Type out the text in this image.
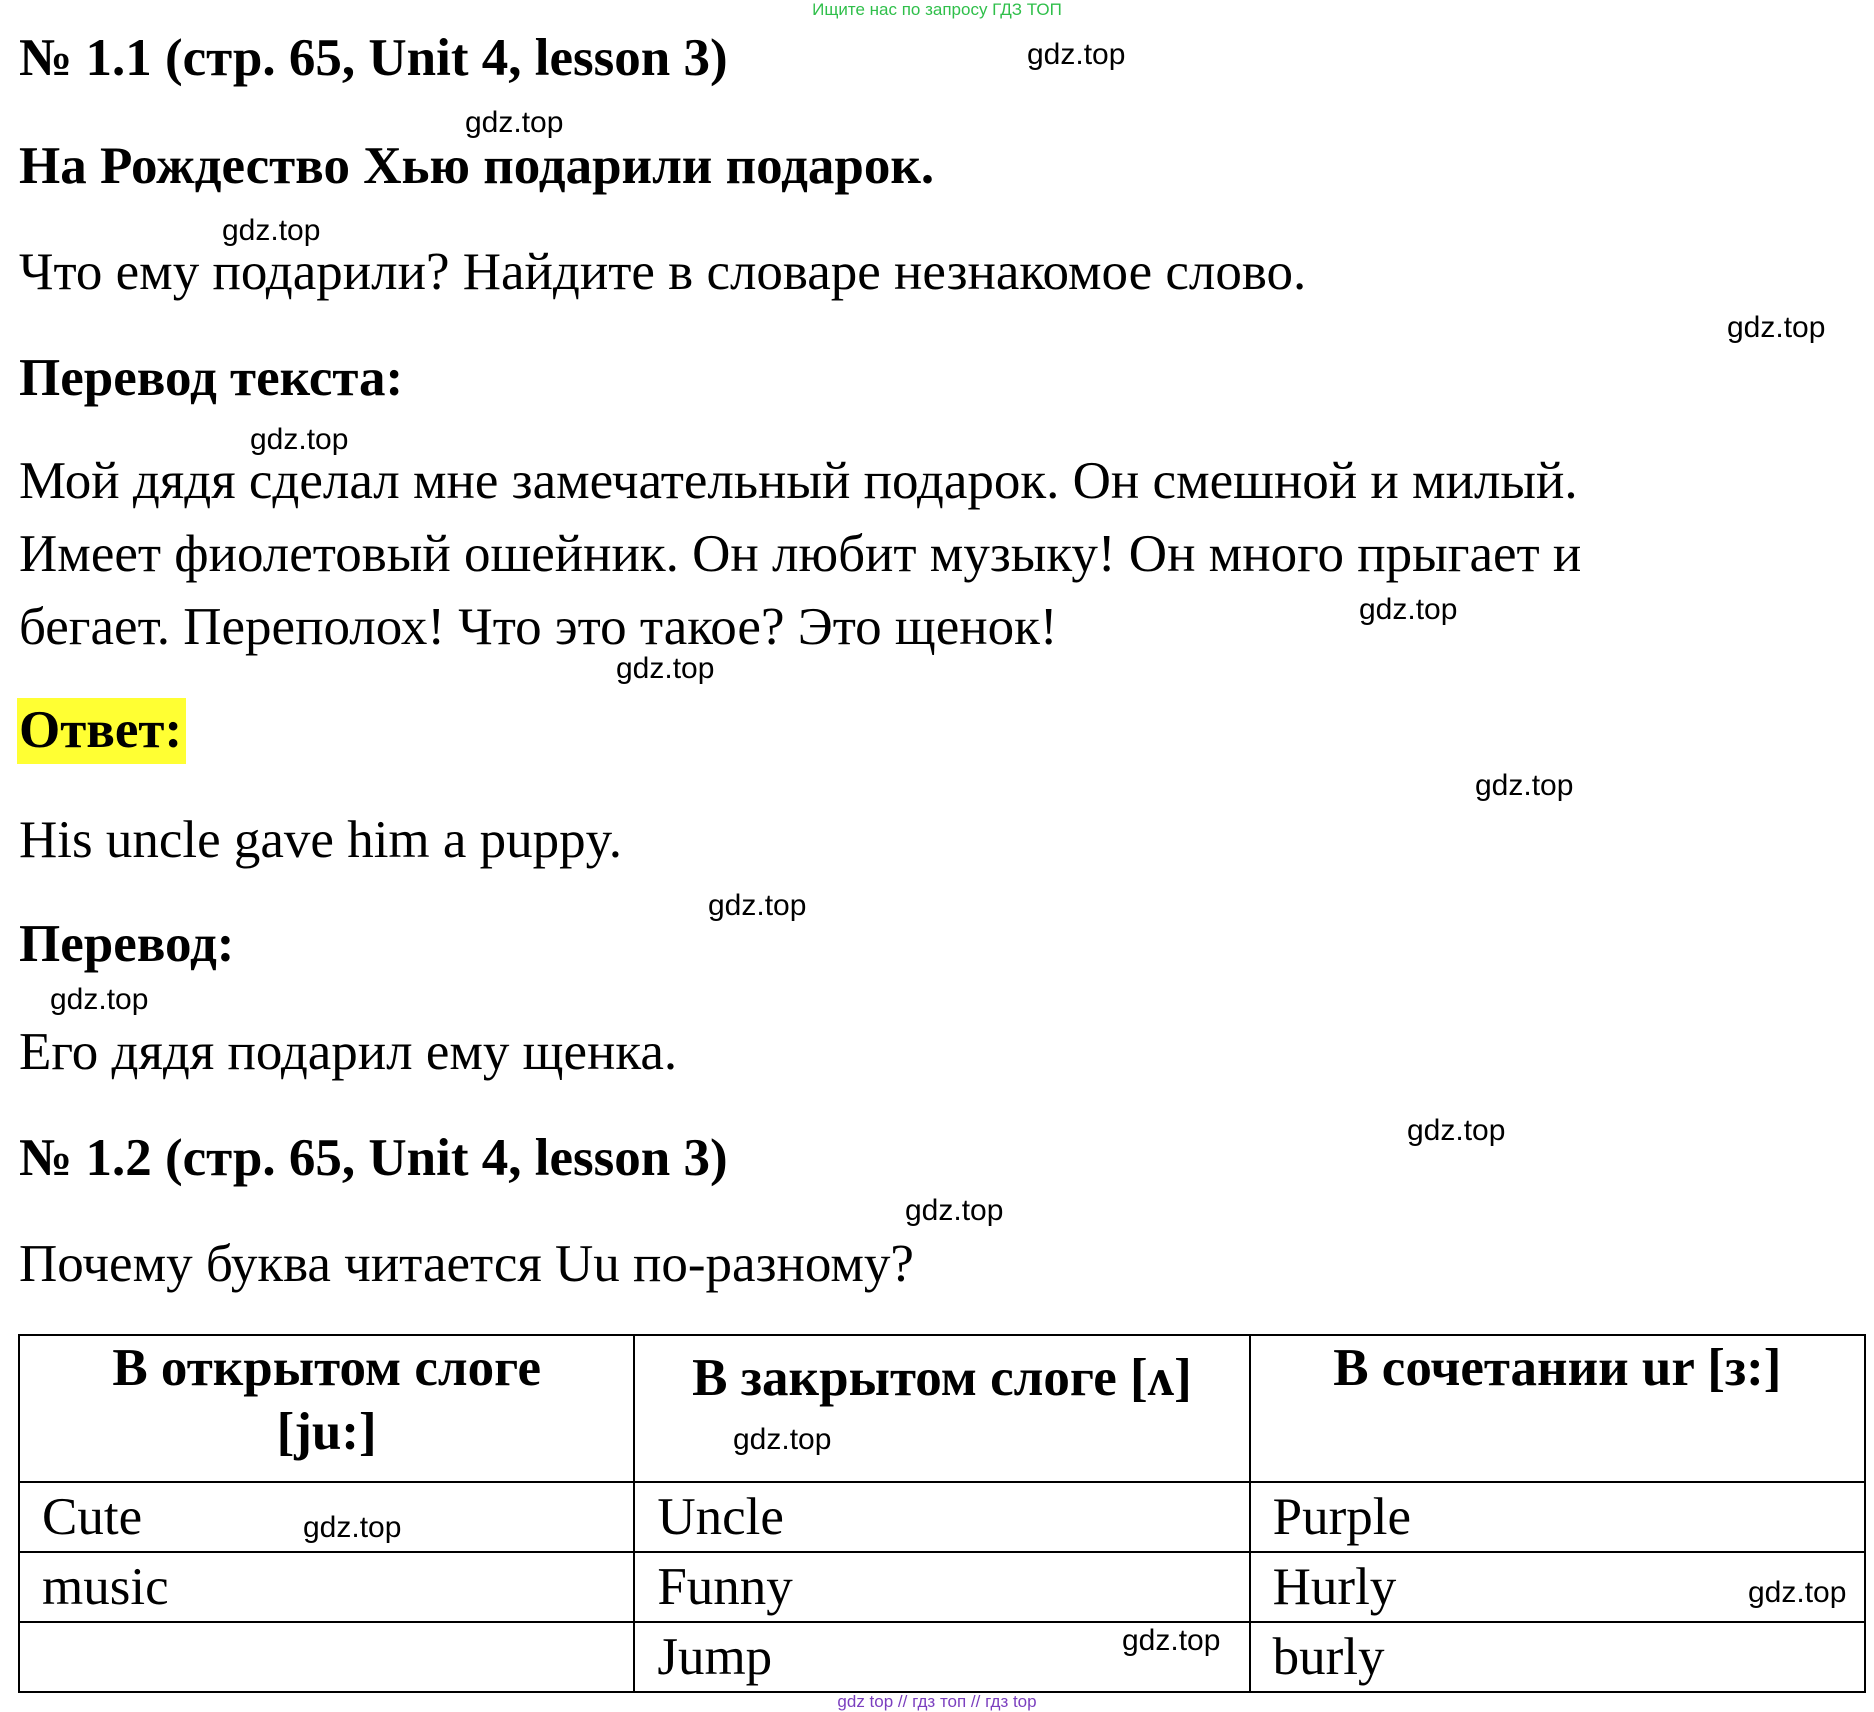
Ищите нас по запросу ГДЗ ТОП
№ 1.1 (стр. 65, Unit 4, lesson 3)
На Рождество Хью подарили подарок.
Что ему подарили? Найдите в словаре незнакомое слово.
Перевод текста:
Мой дядя сделал мне замечательный подарок. Он смешной и милый.
Имеет фиолетовый ошейник. Он любит музыку! Он много прыгает и
бегает. Переполох! Что это такое? Это щенок!
Ответ:
His uncle gave him a puppy.
Перевод:
Его дядя подарил ему щенка.
№ 1.2 (стр. 65, Unit 4, lesson 3)
Почему буква читается Uu по-разному?
В открытом слоге [ju:]	В закрытом слоге [ʌ]	В сочетании ur [з:]
Cute	Uncle	Purple
music	Funny	Hurly
	Jump	burly
gdz.top
gdz.top
gdz.top
gdz.top
gdz.top
gdz.top
gdz.top
gdz.top
gdz.top
gdz.top
gdz.top
gdz.top
gdz.top
gdz.top
gdz.top
gdz.top
gdz top // гдз топ // гдз top
